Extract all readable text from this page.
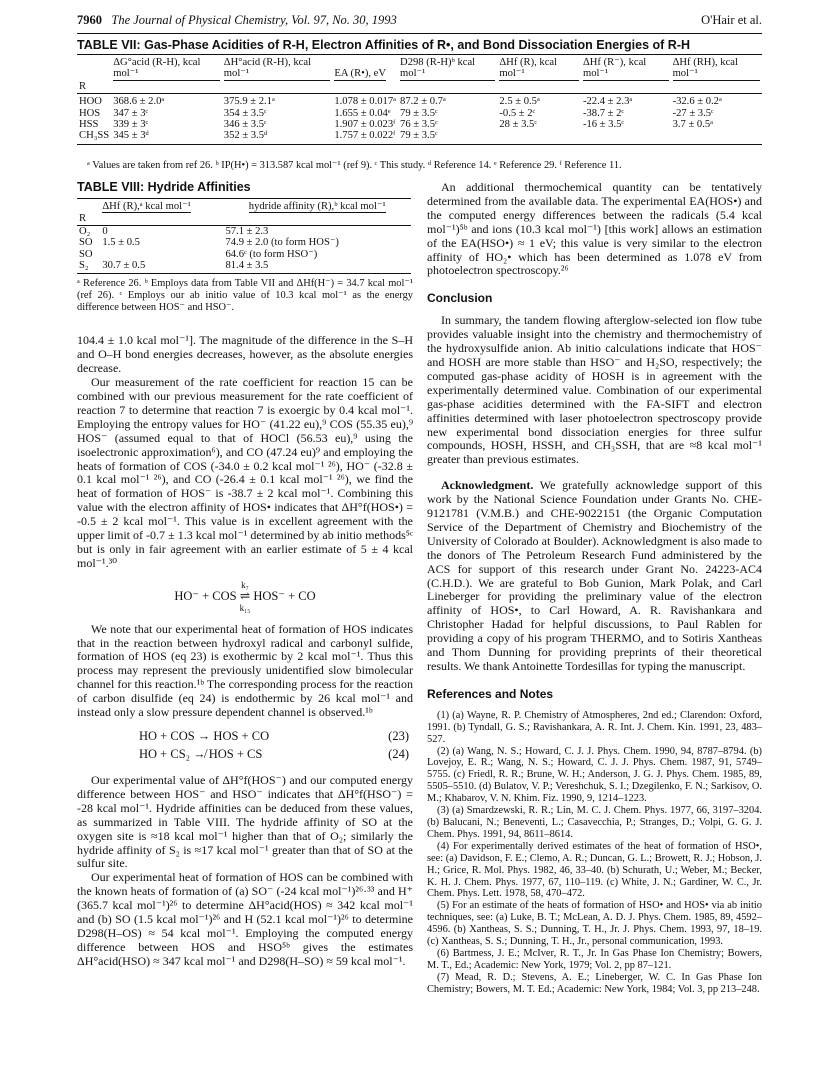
7960 The Journal of Physical Chemistry, Vol. 97, No. 30, 1993	O'Hair et al.
TABLE VII: Gas-Phase Acidities of R-H, Electron Affinities of R•, and Bond Dissociation Energies of R-H
	ΔG°acid (R-H), kcal mol⁻¹	ΔH°acid (R-H), kcal mol⁻¹	EA (R•), eV	D298 (R-H)ᵇ kcal mol⁻¹	ΔHf (R), kcal mol⁻¹	ΔHf (R⁻), kcal mol⁻¹	ΔHf (RH), kcal mol⁻¹
R							
HOO	368.6 ± 2.0ᵃ	375.9 ± 2.1ᵃ	1.078 ± 0.017ᵃ	87.2 ± 0.7ᵃ	2.5 ± 0.5ᵃ	-22.4 ± 2.3ᵃ	-32.6 ± 0.2ᵃ
HOS	347 ± 3ᶜ	354 ± 3.5ᶜ	1.655 ± 0.04ᵉ	79 ± 3.5ᶜ	-0.5 ± 2ᶜ	-38.7 ± 2ᶜ	-27 ± 3.5ᶜ
HSS	339 ± 3ᶜ	346 ± 3.5ᶜ	1.907 ± 0.023ᶠ	76 ± 3.5ᶜ	28 ± 3.5ᶜ	-16 ± 3.5ᶜ	3.7 ± 0.5ᵃ
CH₃SS	345 ± 3ᵈ	352 ± 3.5ᵈ	1.757 ± 0.022ᶠ	79 ± 3.5ᶜ			
ᵃ Values are taken from ref 26. ᵇ IP(H•) = 313.587 kcal mol⁻¹ (ref 9). ᶜ This study. ᵈ Reference 14. ᵉ Reference 29. ᶠ Reference 11.
TABLE VIII: Hydride Affinities
	ΔHf (R),ᵃ kcal mol⁻¹	hydride affinity (R),ᵇ kcal mol⁻¹
R		
O₂	0	57.1 ± 2.3
SO	1.5 ± 0.5	74.9 ± 2.0 (to form HOS⁻)
SO		64.6ᶜ (to form HSO⁻)
S₂	30.7 ± 0.5	81.4 ± 3.5
ᵃ Reference 26. ᵇ Employs data from Table VII and ΔHf(H⁻) = 34.7 kcal mol⁻¹ (ref 26). ᶜ Employs our ab initio value of 10.3 kcal mol⁻¹ as the energy difference between HOS⁻ and HSO⁻.

104.4 ± 1.0 kcal mol⁻¹]. The magnitude of the difference in the S–H and O–H bond energies decreases, however, as the absolute energies decrease.

Our measurement of the rate coefficient for reaction 15 can be combined with our previous measurement for the rate coefficient of reaction 7 to determine that reaction 7 is exoergic by 0.4 kcal mol⁻¹. Employing the entropy values for HO⁻ (41.22 eu),⁹ COS (55.35 eu),⁹ HOS⁻ (assumed equal to that of HOCl (56.53 eu),⁹ using the isoelectronic approximation⁶), and CO (47.24 eu)⁹ and employing the heats of formation of COS (-34.0 ± 0.2 kcal mol⁻¹ ²⁶), HO⁻ (-32.8 ± 0.1 kcal mol⁻¹ ²⁶), and CO (-26.4 ± 0.1 kcal mol⁻¹ ²⁶), we find the heat of formation of HOS⁻ is -38.7 ± 2 kcal mol⁻¹. Combining this value with the electron affinity of HOS• indicates that ΔH°f(HOS•) = -0.5 ± 2 kcal mol⁻¹. This value is in excellent agreement with the upper limit of -0.7 ± 1.3 kcal mol⁻¹ determined by ab initio methods⁵ᶜ but is only in fair agreement with an earlier estimate of 5 ± 4 kcal mol⁻¹.³⁰

k₇
HO⁻ + COS ⇌ HOS⁻ + CO
k₁₅

We note that our experimental heat of formation of HOS indicates that in the reaction between hydroxyl radical and carbonyl sulfide, formation of HOS (eq 23) is exothermic by 2 kcal mol⁻¹. Thus this process may represent the previously unidentified slow bimolecular channel for this reaction.¹ᵇ The corresponding process for the reaction of carbon disulfide (eq 24) is endothermic by 26 kcal mol⁻¹ and instead only a slow pressure dependent channel is observed.¹ᵇ

HO + COS → HOS + CO	(23)
HO + CS₂ ↛ HOS + CS	(24)

Our experimental value of ΔH°f(HOS⁻) and our computed energy difference between HOS⁻ and HSO⁻ indicates that ΔH°f(HSO⁻) = -28 kcal mol⁻¹. Hydride affinities can be deduced from these values, as summarized in Table VIII. The hydride affinity of SO at the oxygen site is ≈18 kcal mol⁻¹ higher than that of O₂; similarly the hydride affinity of S₂ is ≈17 kcal mol⁻¹ greater than that of SO at the sulfur site.

Our experimental heat of formation of HOS can be combined with the known heats of formation of (a) SO⁻ (-24 kcal mol⁻¹)²⁶·³³ and H⁺ (365.7 kcal mol⁻¹)²⁶ to determine ΔH°acid(HOS) ≈ 342 kcal mol⁻¹ and (b) SO (1.5 kcal mol⁻¹)²⁶ and H (52.1 kcal mol⁻¹)²⁶ to determine D298(H–OS) ≈ 54 kcal mol⁻¹. Employing the computed energy difference between HOS and HSO⁵ᵇ gives the estimates ΔH°acid(HSO) ≈ 347 kcal mol⁻¹ and D298(H–SO) ≈ 59 kcal mol⁻¹.

An additional thermochemical quantity can be tentatively determined from the available data. The experimental EA(HOS•) and the computed energy differences between the radicals (5.4 kcal mol⁻¹)⁵ᵇ and ions (10.3 kcal mol⁻¹) [this work] allows an estimation of the EA(HSO•) ≈ 1 eV; this value is very similar to the electron affinity of HO₂• which has been determined as 1.078 eV from photoelectron spectroscopy.²⁶

Conclusion

In summary, the tandem flowing afterglow-selected ion flow tube provides valuable insight into the chemistry and thermochemistry of the hydroxysulfide anion. Ab initio calculations indicate that HOS⁻ and HOSH are more stable than HSO⁻ and H₂SO, respectively; the computed gas-phase acidity of HOSH is in agreement with the experimentally determined value. Combination of our experimental gas-phase acidities determined with the FA-SIFT and electron affinities determined with laser photoelectron spectroscopy provide new experimental bond dissociation energies for three sulfur compounds, HOSH, HSSH, and CH₃SSH, that are ≈8 kcal mol⁻¹ greater than previous estimates.

Acknowledgment. We gratefully acknowledge support of this work by the National Science Foundation under Grants No. CHE-9121781 (V.M.B.) and CHE-9022151 (the Organic Computation Service of the Department of Chemistry and Biochemistry of the University of Colorado at Boulder). Acknowledgment is also made to the donors of The Petroleum Research Fund administered by the ACS for support of this research under Grant No. 24223-AC4 (C.H.D.). We are grateful to Bob Gunion, Mark Polak, and Carl Lineberger for providing the preliminary value of the electron affinity of HOS•, to Carl Howard, A. R. Ravishankara and Christopher Hadad for helpful discussions, to Paul Rablen for providing a copy of his program THERMO, and to Sotiris Xantheas and Thom Dunning for providing preprints of their theoretical results. We thank Antoinette Tordesillas for typing the manuscript.

References and Notes

(1) (a) Wayne, R. P. Chemistry of Atmospheres, 2nd ed.; Clarendon: Oxford, 1991. (b) Tyndall, G. S.; Ravishankara, A. R. Int. J. Chem. Kin. 1991, 23, 483–527.

(2) (a) Wang, N. S.; Howard, C. J. J. Phys. Chem. 1990, 94, 8787–8794. (b) Lovejoy, E. R.; Wang, N. S.; Howard, C. J. J. Phys. Chem. 1987, 91, 5749–5755. (c) Friedl, R. R.; Brune, W. H.; Anderson, J. G. J. Phys. Chem. 1985, 89, 5505–5510. (d) Bulatov, V. P.; Vereshchuk, S. I.; Dzegilenko, F. N.; Sarkisov, O. M.; Khabarov, V. N. Khim. Fiz. 1990, 9, 1214–1223.

(3) (a) Smardzewski, R. R.; Lin, M. C. J. Chem. Phys. 1977, 66, 3197–3204. (b) Balucani, N.; Beneventi, L.; Casavecchia, P.; Stranges, D.; Volpi, G. G. J. Chem. Phys. 1991, 94, 8611–8614.

(4) For experimentally derived estimates of the heat of formation of HSO•, see: (a) Davidson, F. E.; Clemo, A. R.; Duncan, G. L.; Browett, R. J.; Hobson, J. H.; Grice, R. Mol. Phys. 1982, 46, 33–40. (b) Schurath, U.; Weber, M.; Becker, K. H. J. Chem. Phys. 1977, 67, 110–119. (c) White, J. N.; Gardiner, W. C., Jr. Chem. Phys. Lett. 1978, 58, 470–472.

(5) For an estimate of the heats of formation of HSO• and HOS• via ab initio techniques, see: (a) Luke, B. T.; McLean, A. D. J. Phys. Chem. 1985, 89, 4592–4596. (b) Xantheas, S. S.; Dunning, T. H., Jr. J. Phys. Chem. 1993, 97, 18–19. (c) Xantheas, S. S.; Dunning, T. H., Jr., personal communication, 1993.

(6) Bartmess, J. E.; McIver, R. T., Jr. In Gas Phase Ion Chemistry; Bowers, M. T., Ed.; Academic: New York, 1979; Vol. 2, pp 87–121.

(7) Mead, R. D.; Stevens, A. E.; Lineberger, W. C. In Gas Phase Ion Chemistry; Bowers, M. T. Ed.; Academic: New York, 1984; Vol. 3, pp 213–248.
